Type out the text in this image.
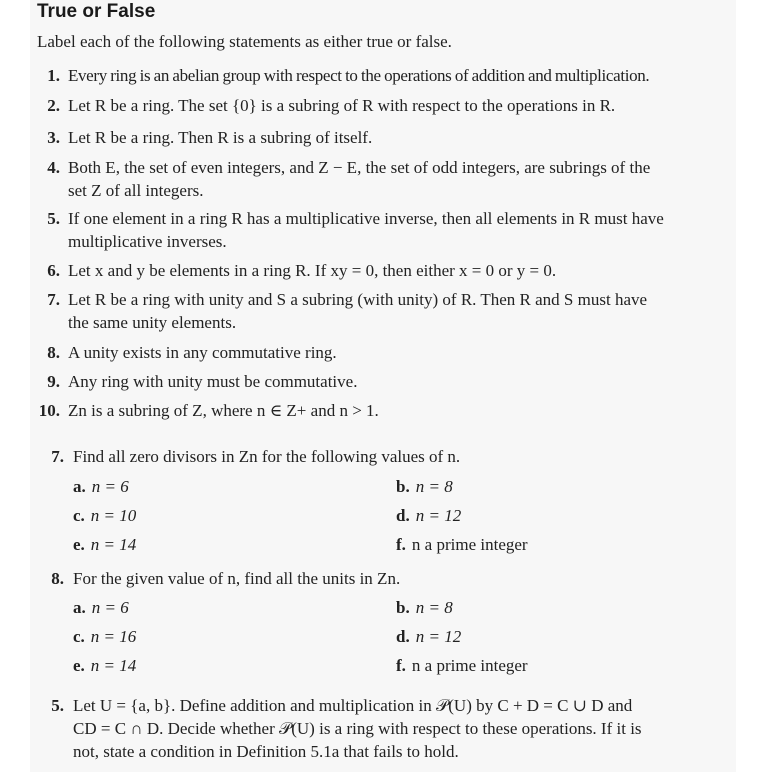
True or False
Label each of the following statements as either true or false.
1. Every ring is an abelian group with respect to the operations of addition and multiplication.
2. Let R be a ring. The set {0} is a subring of R with respect to the operations in R.
3. Let R be a ring. Then R is a subring of itself.
4. Both E, the set of even integers, and Z − E, the set of odd integers, are subrings of the
set Z of all integers.
5. If one element in a ring R has a multiplicative inverse, then all elements in R must have
multiplicative inverses.
6. Let x and y be elements in a ring R. If xy = 0, then either x = 0 or y = 0.
7. Let R be a ring with unity and S a subring (with unity) of R. Then R and S must have
the same unity elements.
8. A unity exists in any commutative ring.
9. Any ring with unity must be commutative.
10. Zn is a subring of Z, where n ∈ Z+ and n > 1.
7. Find all zero divisors in Zn for the following values of n.
a. n = 6	b. n = 8
c. n = 10	d. n = 12
e. n = 14	f. n a prime integer
8. For the given value of n, find all the units in Zn.
a. n = 6	b. n = 8
c. n = 16	d. n = 12
e. n = 14	f. n a prime integer
5. Let U = {a, b}. Define addition and multiplication in 𝒫(U) by C + D = C ∪ D and
CD = C ∩ D. Decide whether 𝒫(U) is a ring with respect to these operations. If it is
not, state a condition in Definition 5.1a that fails to hold.
